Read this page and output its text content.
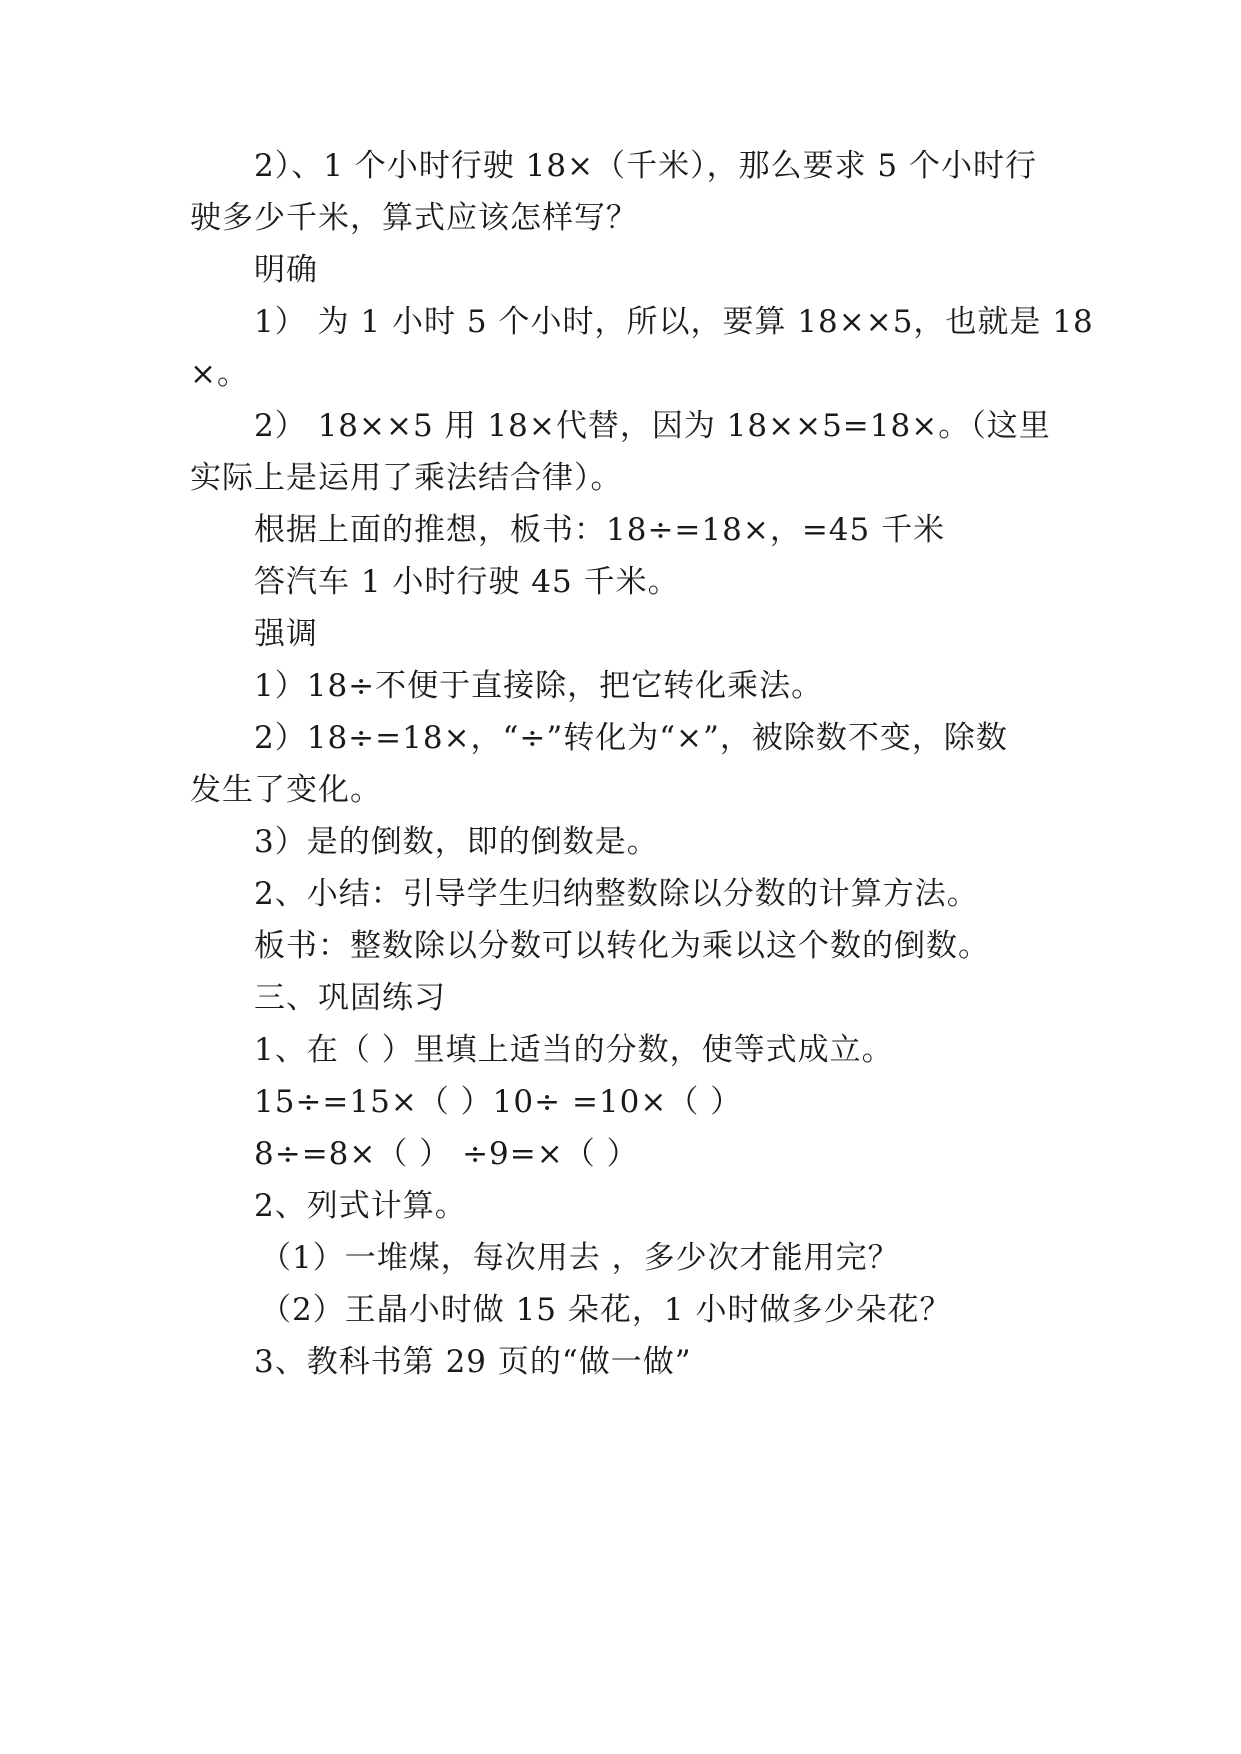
2）、1 个小时行驶 18×（千米），那么要求 5 个小时行

驶多少千米，算式应该怎样写？

明确

1） 为 1 小时 5 个小时，所以，要算 18××5，也就是 18

×。

2） 18××5 用 18×代替，因为 18××5=18×。（这里

实际上是运用了乘法结合律）。

根据上面的推想，板书：18÷=18×，=45 千米

答汽车 1 小时行驶 45 千米。

强调

1）18÷不便于直接除，把它转化乘法。

2）18÷=18×，“÷”转化为“×”，被除数不变，除数

发生了变化。

3）是的倒数，即的倒数是。

2、小结：引导学生归纳整数除以分数的计算方法。

板书：整数除以分数可以转化为乘以这个数的倒数。

三、巩固练习

1、在（ ）里填上适当的分数，使等式成立。

15÷=15×（ ）10÷ =10×（ ）

8÷=8×（ ） ÷9=×（ ）

2、列式计算。

（1）一堆煤，每次用去 ，多少次才能用完？

（2）王晶小时做 15 朵花，1 小时做多少朵花？

3、教科书第 29 页的“做一做”
